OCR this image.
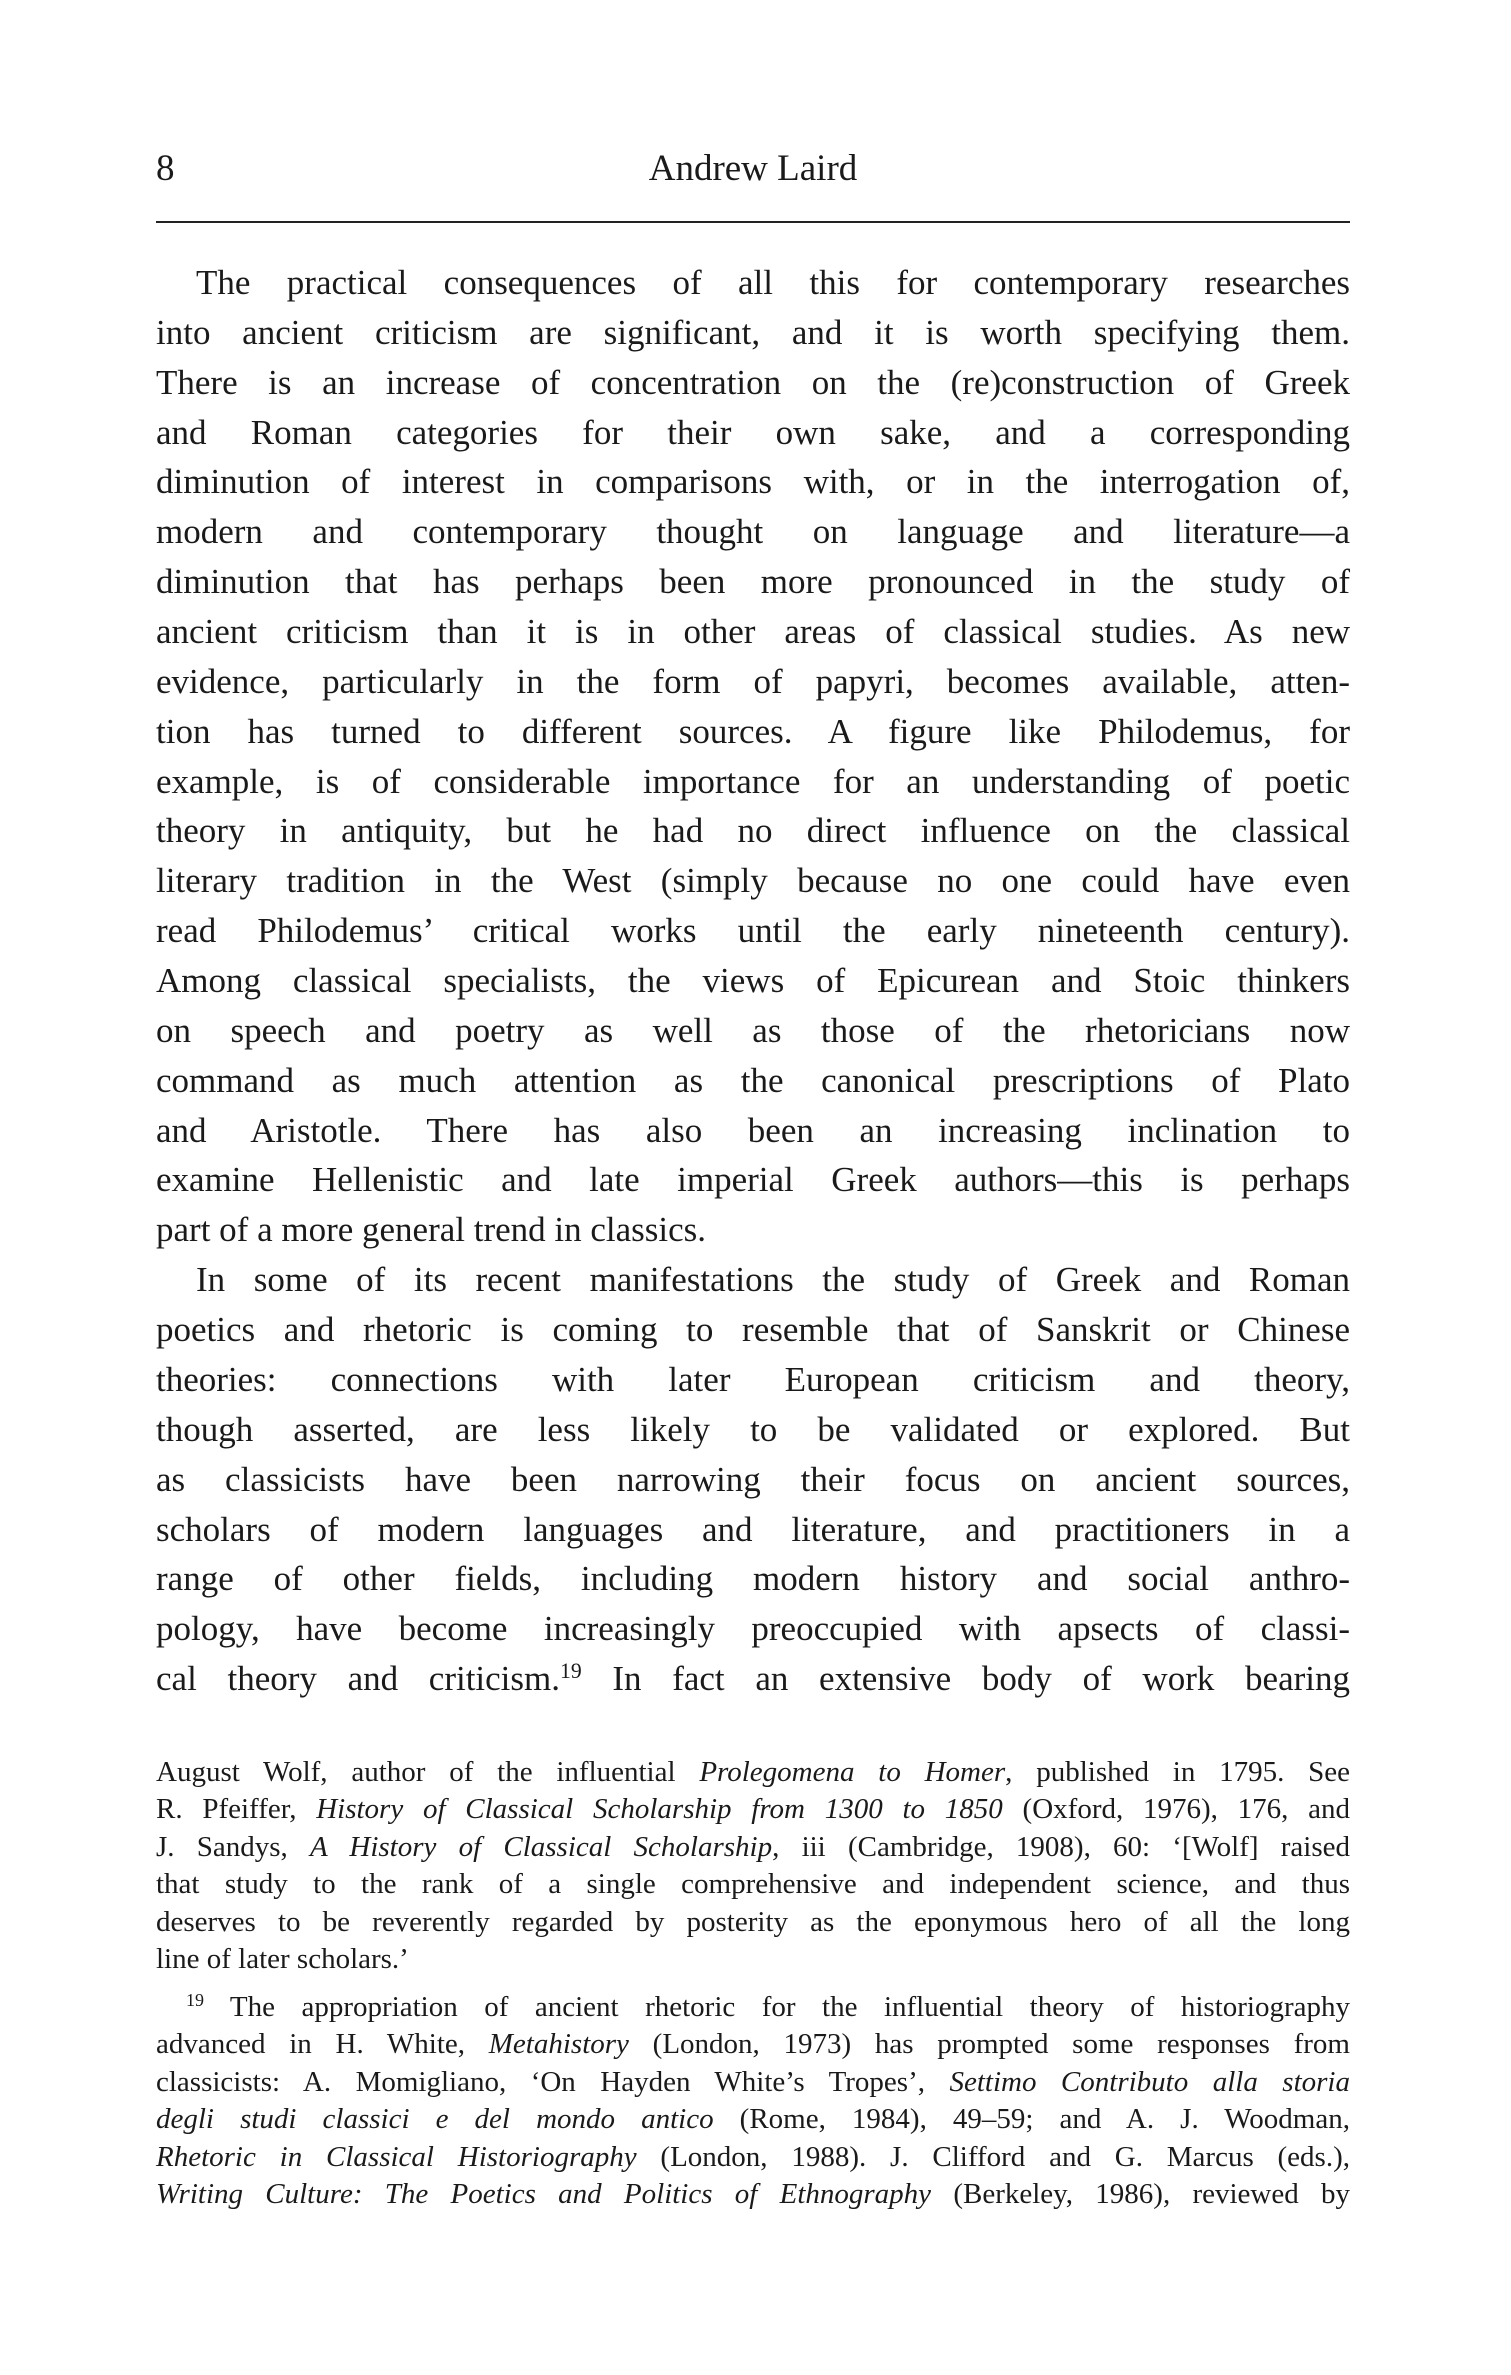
8	Andrew Laird
The practical consequences of all this for contemporary researches
into ancient criticism are significant, and it is worth specifying them.
There is an increase of concentration on the (re)construction of Greek
and Roman categories for their own sake, and a corresponding
diminution of interest in comparisons with, or in the interrogation of,
modern and contemporary thought on language and literature—a
diminution that has perhaps been more pronounced in the study of
ancient criticism than it is in other areas of classical studies. As new
evidence, particularly in the form of papyri, becomes available, atten-
tion has turned to different sources. A figure like Philodemus, for
example, is of considerable importance for an understanding of poetic
theory in antiquity, but he had no direct influence on the classical
literary tradition in the West (simply because no one could have even
read Philodemus’ critical works until the early nineteenth century).
Among classical specialists, the views of Epicurean and Stoic thinkers
on speech and poetry as well as those of the rhetoricians now
command as much attention as the canonical prescriptions of Plato
and Aristotle. There has also been an increasing inclination to
examine Hellenistic and late imperial Greek authors—this is perhaps
part of a more general trend in classics.
In some of its recent manifestations the study of Greek and Roman
poetics and rhetoric is coming to resemble that of Sanskrit or Chinese
theories: connections with later European criticism and theory,
though asserted, are less likely to be validated or explored. But
as classicists have been narrowing their focus on ancient sources,
scholars of modern languages and literature, and practitioners in a
range of other fields, including modern history and social anthro-
pology, have become increasingly preoccupied with apsects of classi-
cal theory and criticism.$^{19}$ In fact an extensive body of work bearing
August Wolf, author of the influential Prolegomena to Homer, published in 1795. See
R. Pfeiffer, History of Classical Scholarship from 1300 to 1850 (Oxford, 1976), 176, and
J. Sandys, A History of Classical Scholarship, iii (Cambridge, 1908), 60: ‘[Wolf] raised
that study to the rank of a single comprehensive and independent science, and thus
deserves to be reverently regarded by posterity as the eponymous hero of all the long
line of later scholars.’
$^{19}$ The appropriation of ancient rhetoric for the influential theory of historiography
advanced in H. White, Metahistory (London, 1973) has prompted some responses from
classicists: A. Momigliano, ‘On Hayden White’s Tropes’, Settimo Contributo alla storia
degli studi classici e del mondo antico (Rome, 1984), 49–59; and A. J. Woodman,
Rhetoric in Classical Historiography (London, 1988). J. Clifford and G. Marcus (eds.),
Writing Culture: The Poetics and Politics of Ethnography (Berkeley, 1986), reviewed by
